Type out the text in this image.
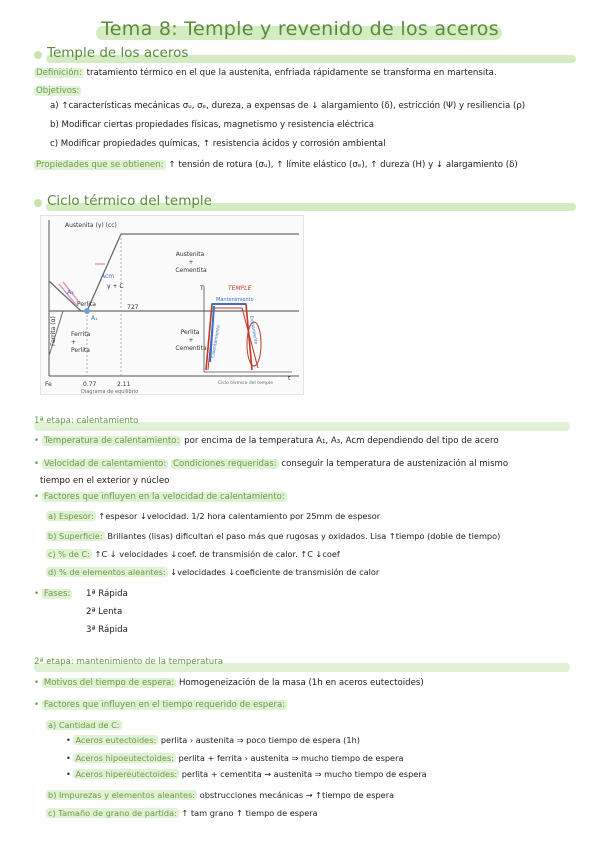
Tema 8: Temple y revenido de los aceros
Temple de los aceros
Definición: tratamiento térmico en el que la austenita, enfriada rápidamente se transforma en martensita.
Objetivos:
a) ↑características mecánicas σᵤ, σₑ, dureza, a expensas de ↓ alargamiento (δ), estricción (Ψ) y resiliencia (ρ)
b) Modificar ciertas propiedades físicas, magnetismo y resistencia eléctrica
c) Modificar propiedades químicas, ↑ resistencia ácidos y corrosión ambiental
Propiedades que se obtienen: ↑ tensión de rotura (σᵤ), ↑ límite elástico (σₑ), ↑ dureza (H) y ↓ alargamiento (δ)
Ciclo térmico del temple
Austenita (γ) (cc)
Austenita + Cementita
Perlita + Cementita
Ferrita + Perlita
Perlita
γ + C
A₃
A₁
Acm
727
Fe	0.77	2.11
Diagrama de equilibrio
Ferrita (α)
TEMPLE
Mantenimiento
Calentamiento	Enfriamiento
T
t
Ciclo térmico del temple
1ª etapa: calentamiento
• Temperatura de calentamiento: por encima de la temperatura A₁, A₃, Acm dependiendo del tipo de acero
• Velocidad de calentamiento: Condiciones requeridas: conseguir la temperatura de austenización al mismo
tiempo en el exterior y núcleo
• Factores que influyen en la velocidad de calentamiento:
a) Espesor: ↑espesor ↓velocidad. 1/2 hora calentamiento por 25mm de espesor
b) Superficie: Brillantes (lisas) dificultan el paso más que rugosas y oxidados. Lisa ↑tiempo (doble de tiempo)
c) % de C: ↑C ↓ velocidades ↓coef. de transmisión de calor. ↑C ↓coef
d) % de elementos aleantes: ↓velocidades ↓coeficiente de transmisión de calor
• Fases: 1ª Rápida
2ª Lenta
3ª Rápida
2ª etapa: mantenimiento de la temperatura
• Motivos del tiempo de espera: Homogeneización de la masa (1h en aceros eutectoides)
• Factores que influyen en el tiempo requerido de espera:
a) Cantidad de C:
• Aceros eutectoides: perlita › austenita ⇒ poco tiempo de espera (1h)
• Aceros hipoeutectoides: perlita + ferrita › austenita ⇒ mucho tiempo de espera
• Aceros hipereutectoides: perlita + cementita → austenita ⇒ mucho tiempo de espera
b) Impurezas y elementos aleantes: obstrucciones mecánicas → ↑tiempo de espera
c) Tamaño de grano de partida: ↑ tam grano ↑ tiempo de espera
